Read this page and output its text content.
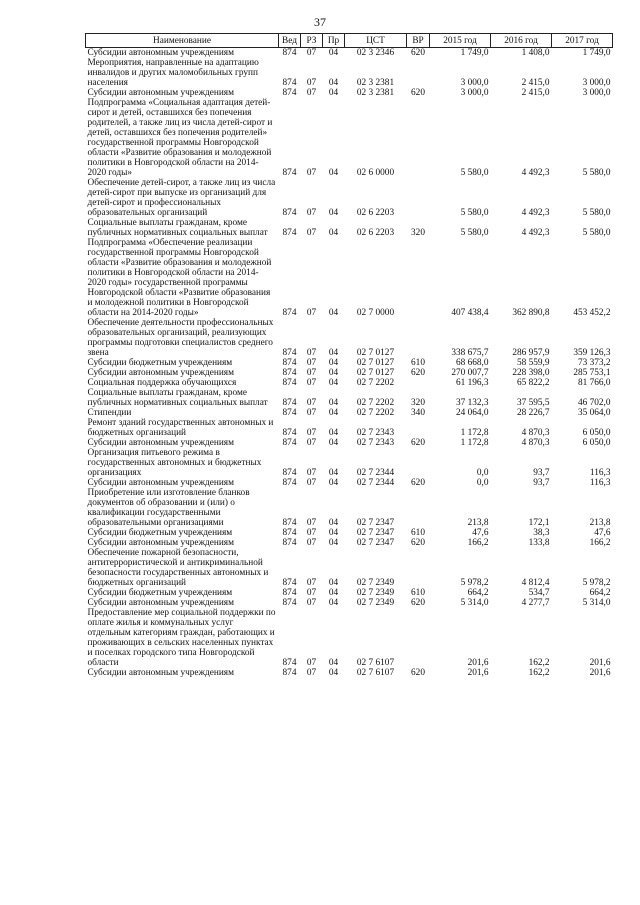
37
Наименование	Вед	РЗ	Пр	ЦСТ	ВР	2015 год	2016 год	2017 год
Субсидии автономным учреждениям	874	07	04	02 3 2346	620	1 749,0	1 408,0	1 749,0
Мероприятия, направленные на адаптацию инвалидов и других маломобильных групп населения	874	07	04	02 3 2381		3 000,0	2 415,0	3 000,0
Субсидии автономным учреждениям	874	07	04	02 3 2381	620	3 000,0	2 415,0	3 000,0
Подпрограмма «Социальная адаптация детей-сирот и детей, оставшихся без попечения родителей, а также лиц из числа детей-сирот и детей, оставшихся без попечения родителей» государственной программы Новгородской области «Развитие образования и молодежной политики в Новгородской области на 2014-2020 годы»	874	07	04	02 6 0000		5 580,0	4 492,3	5 580,0
Обеспечение детей-сирот, а также лиц из числа детей-сирот при выпуске из организаций для детей-сирот и профессиональных образовательных организаций	874	07	04	02 6 2203		5 580,0	4 492,3	5 580,0
Социальные выплаты гражданам, кроме публичных нормативных социальных выплат	874	07	04	02 6 2203	320	5 580,0	4 492,3	5 580,0
Подпрограмма «Обеспечение реализации государственной программы Новгородской области «Развитие образования и молодежной политики в Новгородской области на 2014-2020 годы» государственной программы Новгородской области «Развитие образования и молодежной политики в Новгородской области на 2014-2020 годы»	874	07	04	02 7 0000		407 438,4	362 890,8	453 452,2
Обеспечение деятельности профессиональных образовательных организаций, реализующих программы подготовки специалистов среднего звена	874	07	04	02 7 0127		338 675,7	286 957,9	359 126,3
Субсидии бюджетным учреждениям	874	07	04	02 7 0127	610	68 668,0	58 559,9	73 373,2
Субсидии автономным учреждениям	874	07	04	02 7 0127	620	270 007,7	228 398,0	285 753,1
Социальная поддержка обучающихся	874	07	04	02 7 2202		61 196,3	65 822,2	81 766,0
Социальные выплаты гражданам, кроме публичных нормативных социальных выплат	874	07	04	02 7 2202	320	37 132,3	37 595,5	46 702,0
Стипендии	874	07	04	02 7 2202	340	24 064,0	28 226,7	35 064,0
Ремонт зданий государственных автономных и бюджетных организаций	874	07	04	02 7 2343		1 172,8	4 870,3	6 050,0
Субсидии автономным учреждениям	874	07	04	02 7 2343	620	1 172,8	4 870,3	6 050,0
Организация питьевого режима в государственных автономных и бюджетных организациях	874	07	04	02 7 2344		0,0	93,7	116,3
Субсидии автономным учреждениям	874	07	04	02 7 2344	620	0,0	93,7	116,3
Приобретение или изготовление бланков документов об образовании и (или) о квалификации государственными образовательными организациями	874	07	04	02 7 2347		213,8	172,1	213,8
Субсидии бюджетным учреждениям	874	07	04	02 7 2347	610	47,6	38,3	47,6
Субсидии автономным учреждениям	874	07	04	02 7 2347	620	166,2	133,8	166,2
Обеспечение пожарной безопасности, антитеррористической и антикриминальной безопасности государственных автономных и бюджетных организаций	874	07	04	02 7 2349		5 978,2	4 812,4	5 978,2
Субсидии бюджетным учреждениям	874	07	04	02 7 2349	610	664,2	534,7	664,2
Субсидии автономным учреждениям	874	07	04	02 7 2349	620	5 314,0	4 277,7	5 314,0
Предоставление мер социальной поддержки по оплате жилья и коммунальных услуг отдельным категориям граждан, работающих и проживающих в сельских населенных пунктах и поселках городского типа Новгородской области	874	07	04	02 7 6107		201,6	162,2	201,6
Субсидии автономным учреждениям	874	07	04	02 7 6107	620	201,6	162,2	201,6
